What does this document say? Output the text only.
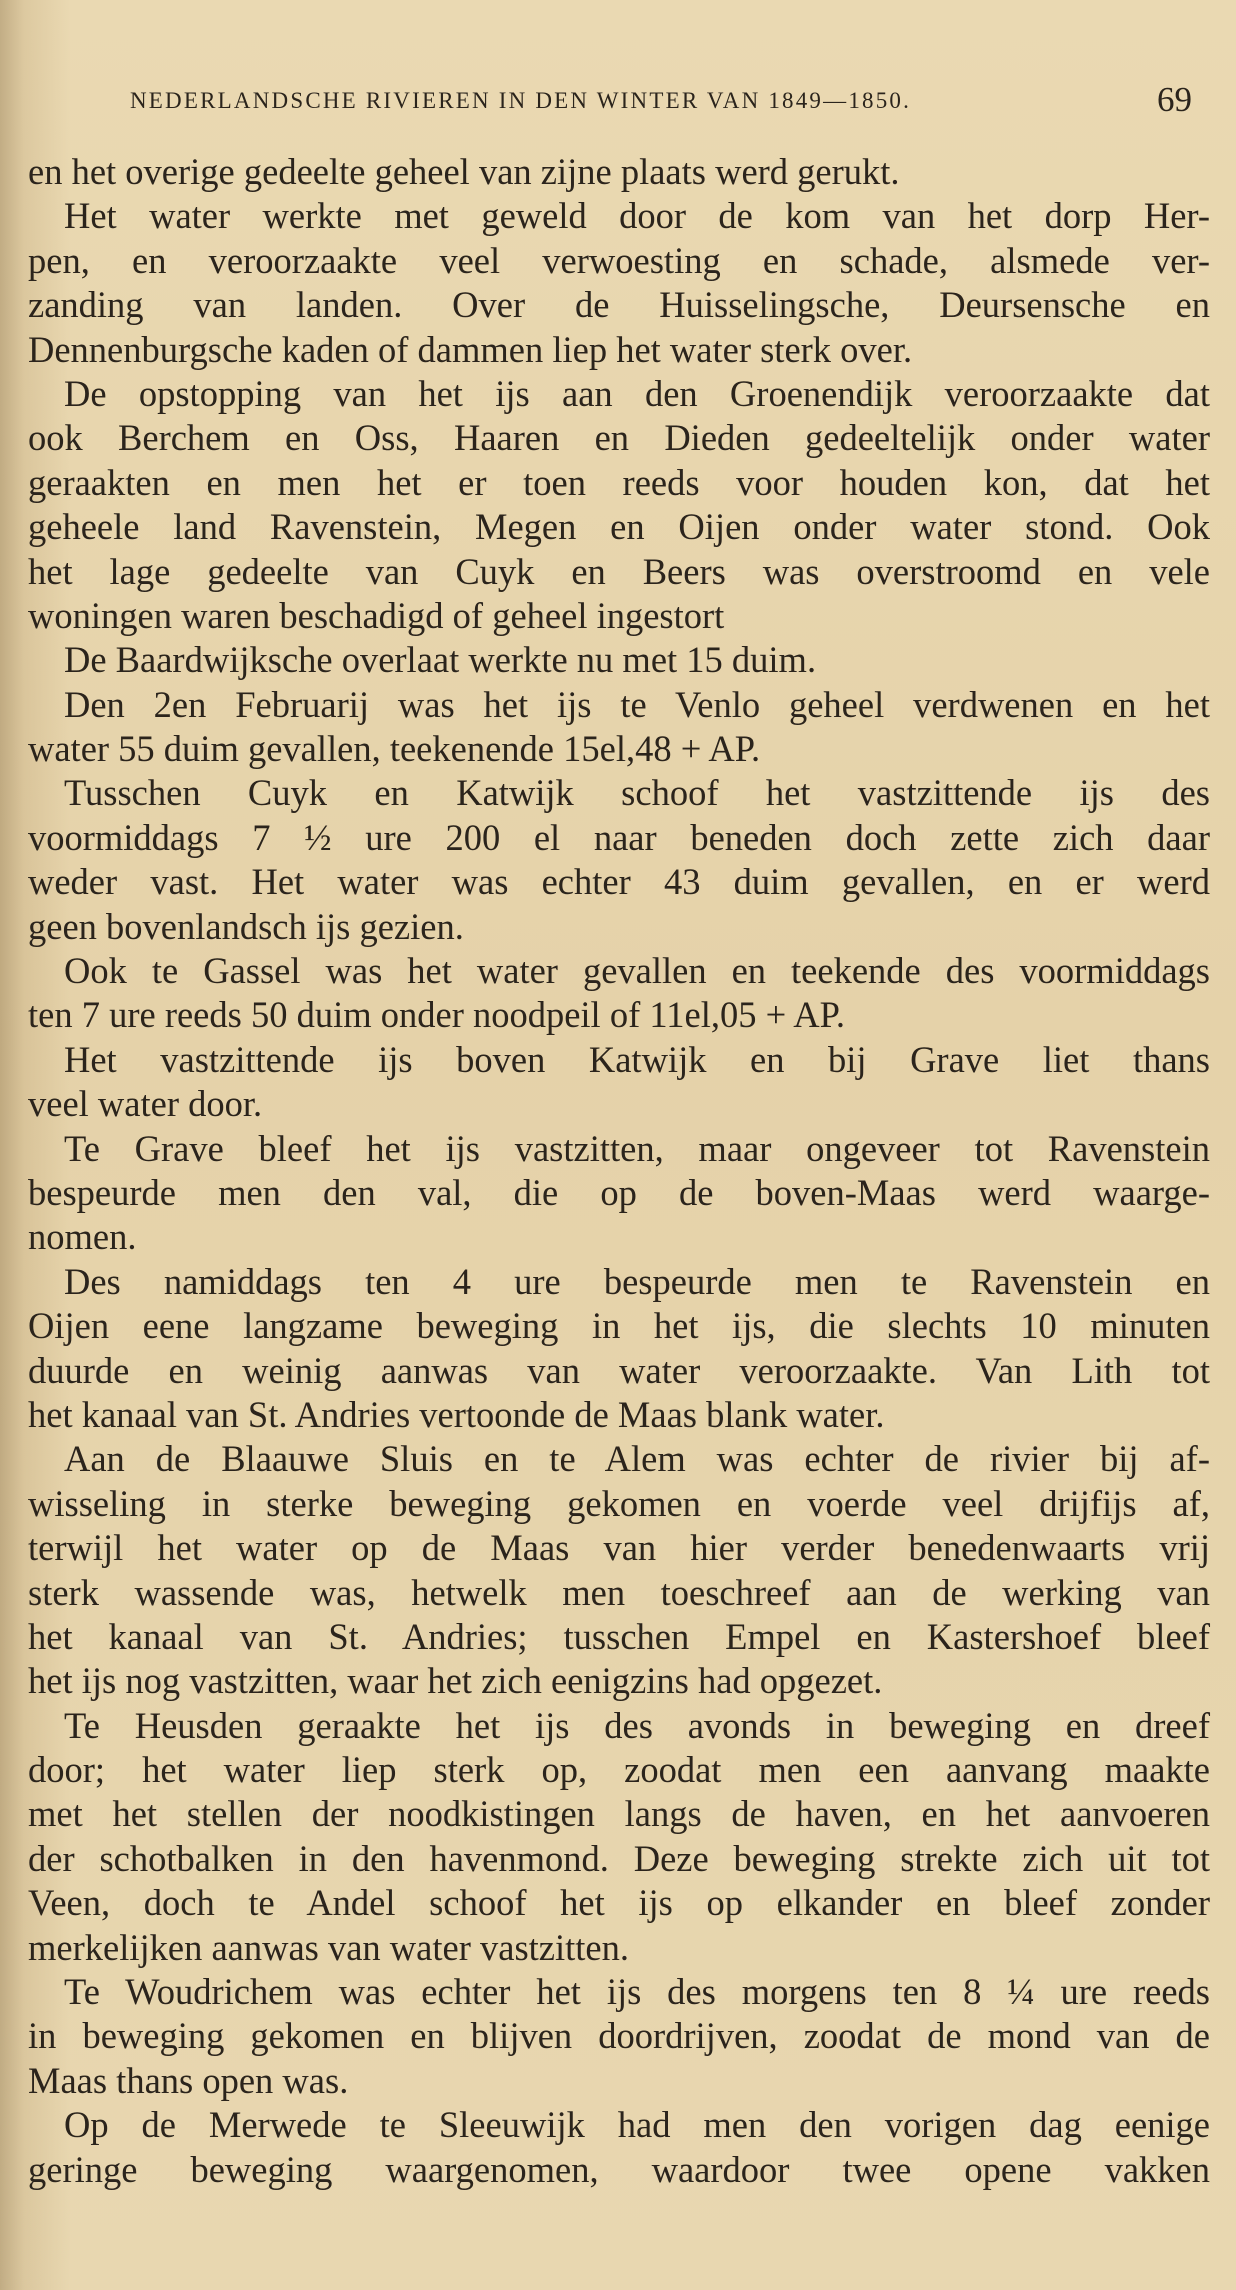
NEDERLANDSCHE RIVIEREN IN DEN WINTER VAN 1849—1850.	69
en het overige gedeelte geheel van zijne plaats werd gerukt.
Het water werkte met geweld door de kom van het dorp Her-
pen, en veroorzaakte veel verwoesting en schade, alsmede ver-
zanding van landen. Over de Huisselingsche, Deursensche en
Dennenburgsche kaden of dammen liep het water sterk over.
De opstopping van het ijs aan den Groenendijk veroorzaakte dat
ook Berchem en Oss, Haaren en Dieden gedeeltelijk onder water
geraakten en men het er toen reeds voor houden kon, dat het
geheele land Ravenstein, Megen en Oijen onder water stond. Ook
het lage gedeelte van Cuyk en Beers was overstroomd en vele
woningen waren beschadigd of geheel ingestort
De Baardwijksche overlaat werkte nu met 15 duim.
Den 2en Februarij was het ijs te Venlo geheel verdwenen en het
water 55 duim gevallen, teekenende 15el,48 + AP.
Tusschen Cuyk en Katwijk schoof het vastzittende ijs des
voormiddags 7 ½ ure 200 el naar beneden doch zette zich daar
weder vast. Het water was echter 43 duim gevallen, en er werd
geen bovenlandsch ijs gezien.
Ook te Gassel was het water gevallen en teekende des voormiddags
ten 7 ure reeds 50 duim onder noodpeil of 11el,05 + AP.
Het vastzittende ijs boven Katwijk en bij Grave liet thans
veel water door.
Te Grave bleef het ijs vastzitten, maar ongeveer tot Ravenstein
bespeurde men den val, die op de boven-Maas werd waarge-
nomen.
Des namiddags ten 4 ure bespeurde men te Ravenstein en
Oijen eene langzame beweging in het ijs, die slechts 10 minuten
duurde en weinig aanwas van water veroorzaakte. Van Lith tot
het kanaal van St. Andries vertoonde de Maas blank water.
Aan de Blaauwe Sluis en te Alem was echter de rivier bij af-
wisseling in sterke beweging gekomen en voerde veel drijfijs af,
terwijl het water op de Maas van hier verder benedenwaarts vrij
sterk wassende was, hetwelk men toeschreef aan de werking van
het kanaal van St. Andries; tusschen Empel en Kastershoef bleef
het ijs nog vastzitten, waar het zich eenigzins had opgezet.
Te Heusden geraakte het ijs des avonds in beweging en dreef
door; het water liep sterk op, zoodat men een aanvang maakte
met het stellen der noodkistingen langs de haven, en het aanvoeren
der schotbalken in den havenmond. Deze beweging strekte zich uit tot
Veen, doch te Andel schoof het ijs op elkander en bleef zonder
merkelijken aanwas van water vastzitten.
Te Woudrichem was echter het ijs des morgens ten 8 ¼ ure reeds
in beweging gekomen en blijven doordrijven, zoodat de mond van de
Maas thans open was.
Op de Merwede te Sleeuwijk had men den vorigen dag eenige
geringe beweging waargenomen, waardoor twee opene vakken
